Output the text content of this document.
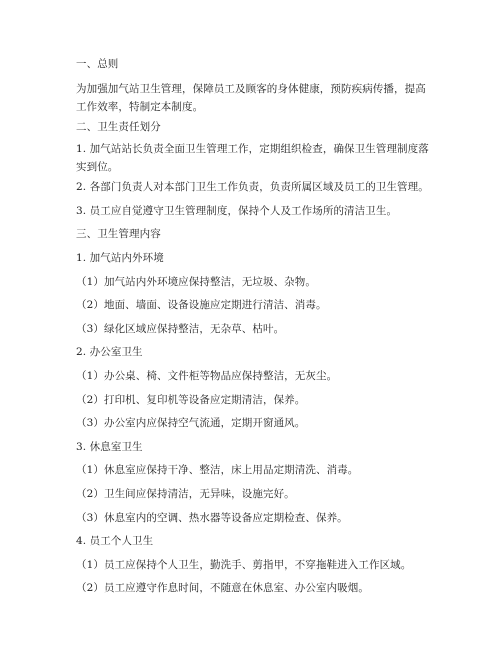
一、总则
为加强加气站卫生管理，保障员工及顾客的身体健康，预防疾病传播，提高工作效率，特制定本制度。
二、卫生责任划分
1. 加气站站长负责全面卫生管理工作，定期组织检查，确保卫生管理制度落实到位。
2. 各部门负责人对本部门卫生工作负责，负责所属区域及员工的卫生管理。
3. 员工应自觉遵守卫生管理制度，保持个人及工作场所的清洁卫生。
三、卫生管理内容
1. 加气站内外环境
（1）加气站内外环境应保持整洁，无垃圾、杂物。
（2）地面、墙面、设备设施应定期进行清洁、消毒。
（3）绿化区域应保持整洁，无杂草、枯叶。
2. 办公室卫生
（1）办公桌、椅、文件柜等物品应保持整洁，无灰尘。
（2）打印机、复印机等设备应定期清洁，保养。
（3）办公室内应保持空气流通，定期开窗通风。
3. 休息室卫生
（1）休息室应保持干净、整洁，床上用品定期清洗、消毒。
（2）卫生间应保持清洁，无异味，设施完好。
（3）休息室内的空调、热水器等设备应定期检查、保养。
4. 员工个人卫生
（1）员工应保持个人卫生，勤洗手、剪指甲，不穿拖鞋进入工作区域。
（2）员工应遵守作息时间，不随意在休息室、办公室内吸烟。
